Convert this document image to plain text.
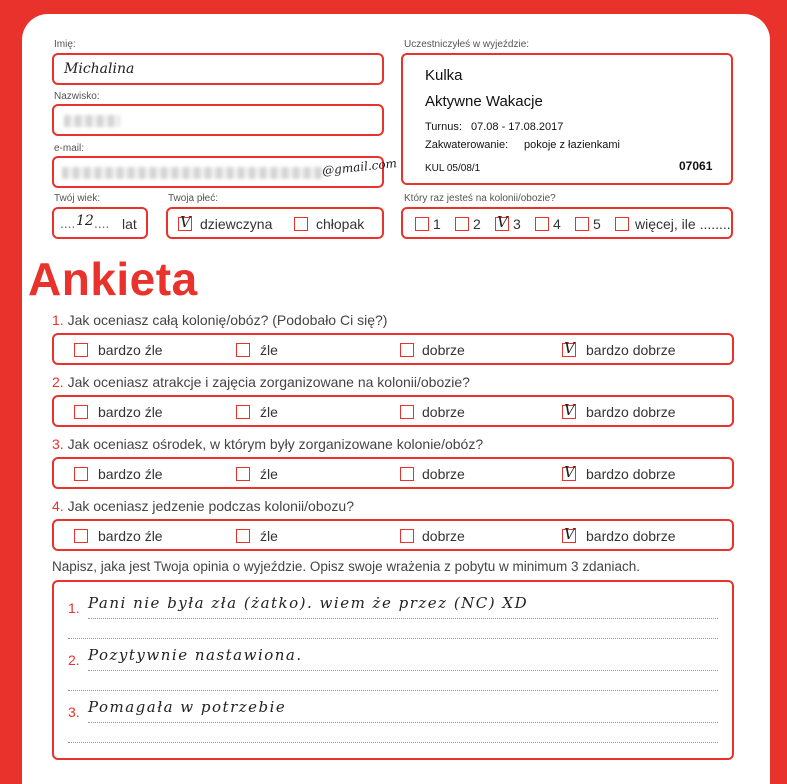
Imię:
Michalina
Nazwisko:
e-mail:
@gmail.com
Twój wiek:
.... 12 .... lat
Twoja płeć:
V dziewczyna	chłopak
Uczestniczyłeś w wyjeździe:
Kulka
Aktywne Wakacje
Turnus: 07.08 - 17.08.2017
Zakwaterowanie: pokoje z łazienkami
KUL 05/08/1	07061
Który raz jesteś na kolonii/obozie?
1 2 V 3 4 5 więcej, ile ........
Ankieta
1. Jak oceniasz całą kolonię/obóz? (Podobało Ci się?)
bardzo źle	źle	dobrze	V bardzo dobrze
2. Jak oceniasz atrakcje i zajęcia zorganizowane na kolonii/obozie?
bardzo źle	źle	dobrze	V bardzo dobrze
3. Jak oceniasz ośrodek, w którym były zorganizowane kolonie/obóz?
bardzo źle	źle	dobrze	V bardzo dobrze
4. Jak oceniasz jedzenie podczas kolonii/obozu?
bardzo źle	źle	dobrze	V bardzo dobrze
Napisz, jaka jest Twoja opinia o wyjeździe. Opisz swoje wrażenia z pobytu w minimum 3 zdaniach.
1. Pani nie była zła (żatko). wiem że przez (NC) XD
2. Pozytywnie nastawiona.
3. Pomagała w potrzebie
